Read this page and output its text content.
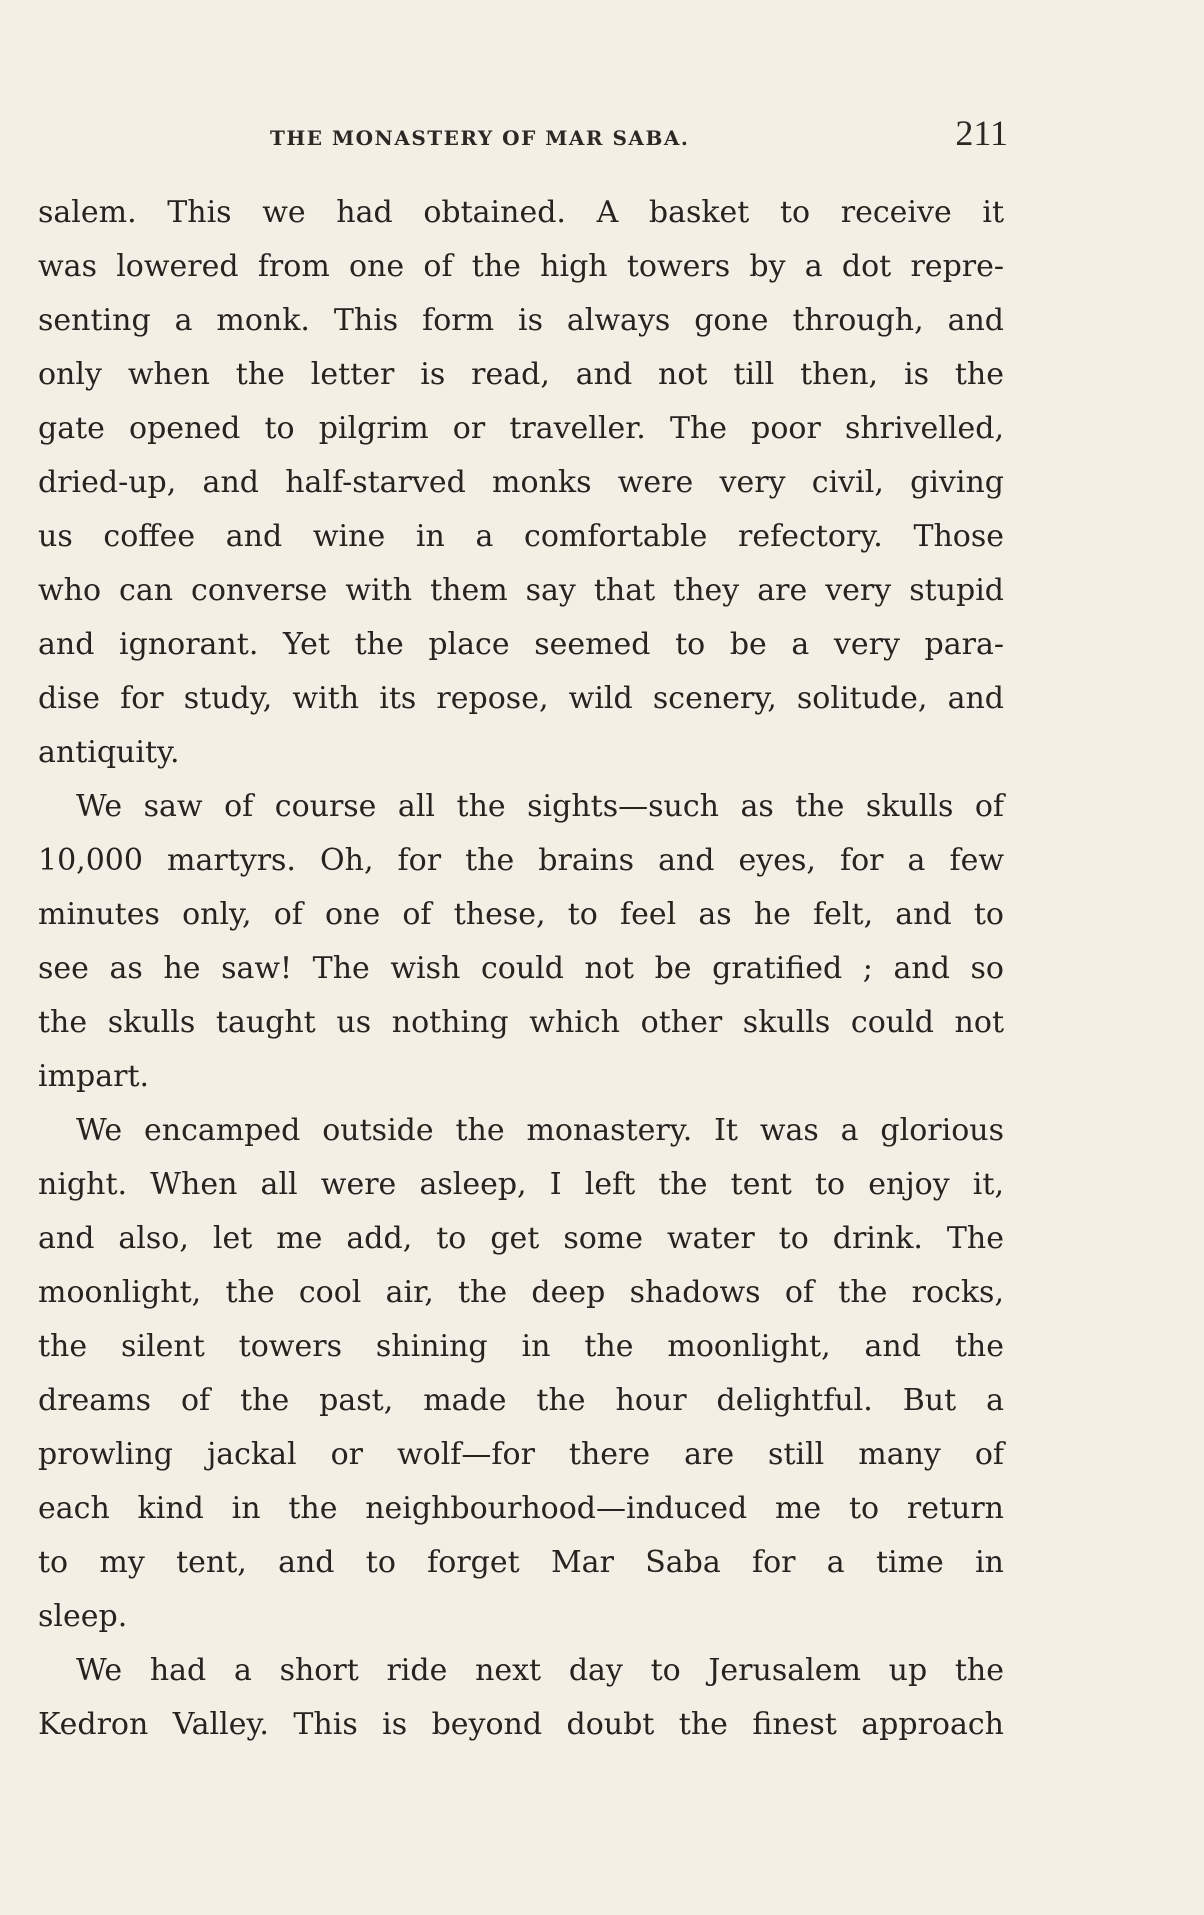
THE MONASTERY OF MAR SABA.	211
salem. This we had obtained. A basket to receive it
was lowered from one of the high towers by a dot repre-
senting a monk. This form is always gone through, and
only when the letter is read, and not till then, is the
gate opened to pilgrim or traveller. The poor shrivelled,
dried-up, and half-starved monks were very civil, giving
us coffee and wine in a comfortable refectory. Those
who can converse with them say that they are very stupid
and ignorant. Yet the place seemed to be a very para-
dise for study, with its repose, wild scenery, solitude, and
antiquity.
We saw of course all the sights—such as the skulls of
10,000 martyrs. Oh, for the brains and eyes, for a few
minutes only, of one of these, to feel as he felt, and to
see as he saw! The wish could not be gratified ; and so
the skulls taught us nothing which other skulls could not
impart.
We encamped outside the monastery. It was a glorious
night. When all were asleep, I left the tent to enjoy it,
and also, let me add, to get some water to drink. The
moonlight, the cool air, the deep shadows of the rocks,
the silent towers shining in the moonlight, and the
dreams of the past, made the hour delightful. But a
prowling jackal or wolf—for there are still many of
each kind in the neighbourhood—induced me to return
to my tent, and to forget Mar Saba for a time in
sleep.
We had a short ride next day to Jerusalem up the
Kedron Valley. This is beyond doubt the finest approach
